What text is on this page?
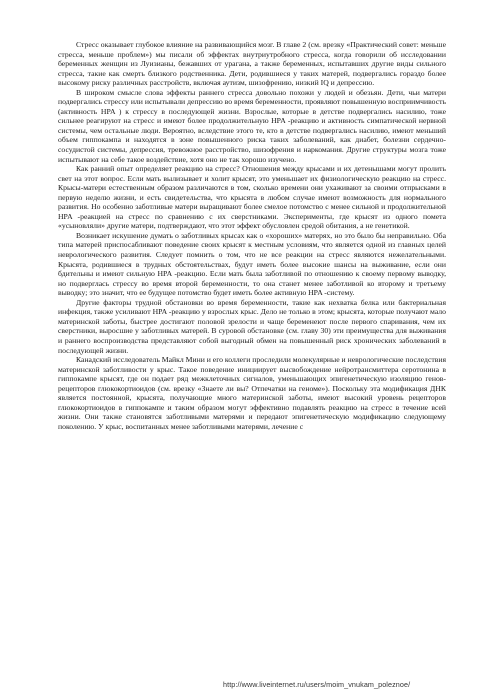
Стресс оказывает глубокое влияние на развивающийся мозг. В главе 2 (см. врезку «Практический совет: меньше стресса, меньше проблем») мы писали об эффектах внутриутробного стресса, когда говорили об исследовании беременных женщин из Луизианы, бежавших от урагана, а также беременных, испытавших другие виды сильного стресса, такие как смерть близкого родственника. Дети, родившиеся у таких матерей, подвергались гораздо более высокому риску различных расстройств, включая аутизм, шизофрению, низкий IQ и депрессию.

В широком смысле слова эффекты раннего стресса довольно похожи у людей и обезьян. Дети, чьи матери подвергались стрессу или испытывали депрессию во время беременности, проявляют повышенную восприимчивость (активность HPA ) к стрессу в последующей жизни. Взрослые, которые в детстве подвергались насилию, тоже сильнее реагируют на стресс и имеют более продолжительную HPA -реакцию и активность симпатической нервной системы, чем остальные люди. Вероятно, вследствие этого те, кто в детстве подвергались насилию, имеют меньший объем гиппокампа и находятся в зоне повышенного риска таких заболеваний, как диабет, болезни сердечно-сосудистой системы, депрессия, тревожное расстройство, шизофрения и наркомания. Другие структуры мозга тоже испытывают на себе такое воздействие, хотя оно не так хорошо изучено.

Как ранний опыт определяет реакцию на стресс? Отношения между крысами и их детенышами могут пролить свет на этот вопрос. Если мать вылизывает и холит крысят, это уменьшает их физиологическую реакцию на стресс. Крысы-матери естественным образом различаются в том, сколько времени они ухаживают за своими отпрысками в первую неделю жизни, и есть свидетельства, что крысята в любом случае имеют возможность для нормального развития. Но особенно заботливые матери выращивают более смелое потомство с менее сильной и продолжительной HPA -реакцией на стресс по сравнению с их сверстниками. Эксперименты, где крысят из одного помета «усыновляли» другие матери, подтверждают, что этот эффект обусловлен средой обитания, а не генетикой.

Возникает искушение думать о заботливых крысах как о «хороших» матерях, но это было бы неправильно. Оба типа матерей приспосабливают поведение своих крысят к местным условиям, что является одной из главных целей неврологического развития. Следует помнить о том, что не все реакции на стресс являются нежелательными. Крысята, родившиеся в трудных обстоятельствах, будут иметь более высокие шансы на выживание, если они бдительны и имеют сильную HPA -реакцию. Если мать была заботливой по отношению к своему первому выводку, но подверглась стрессу во время второй беременности, то она станет менее заботливой ко второму и третьему выводку; это значит, что ее будущее потомство будет иметь более активную HPA -систему.

Другие факторы трудной обстановки во время беременности, такие как нехватка белка или бактериальная инфекция, также усиливают HPA -реакцию у взрослых крыс. Дело не только в этом; крысята, которые получают мало материнской заботы, быстрее достигают половой зрелости и чаще беременеют после первого спаривания, чем их сверстники, выросшие у заботливых матерей. В суровой обстановке (см. главу 30) эти преимущества для выживания и раннего воспроизводства представляют собой выгодный обмен на повышенный риск хронических заболеваний в последующей жизни.

Канадский исследователь Майкл Мини и его коллеги проследили молекулярные и неврологические последствия материнской заботливости у крыс. Такое поведение инициирует высвобождение нейротрансмиттера серотонина в гиппокампе крысят, где он подает ряд межклеточных сигналов, уменьшающих эпигенетическую изоляцию генов-рецепторов глюкокортиоидов (см. врезку «Знаете ли вы? Отпечатки на геноме»). Поскольку эта модификация ДНК является постоянной, крысята, получающие много материнской заботы, имеют высокий уровень рецепторов глюкокортиоидов в гиппокампе и таким образом могут эффективно подавлять реакцию на стресс в течение всей жизни. Они также становятся заботливыми матерями и передают эпигенетическую модификацию следующему поколению. У крыс, воспитанных менее заботливыми матерями, лечение с

http://www.liveinternet.ru/users/moim_vnukam_poleznoe/
